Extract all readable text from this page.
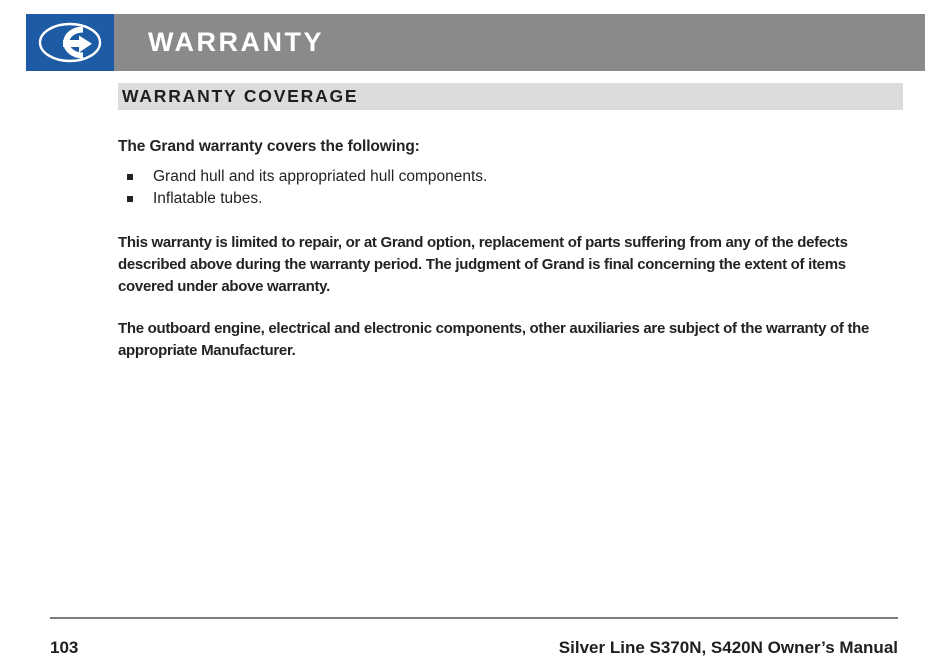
WARRANTY
WARRANTY COVERAGE

The Grand warranty covers the following:

Grand hull and its appropriated hull components.
Inflatable tubes.

This warranty is limited to repair, or at Grand option, replacement of parts suffering from any of the defects described above during the warranty period. The judgment of Grand is final concerning the extent of items covered under above warranty.

The outboard engine, electrical and electronic components, other auxiliaries are subject of the warranty of the appropriate Manufacturer.

103	Silver Line S370N, S420N Owner’s Manual
